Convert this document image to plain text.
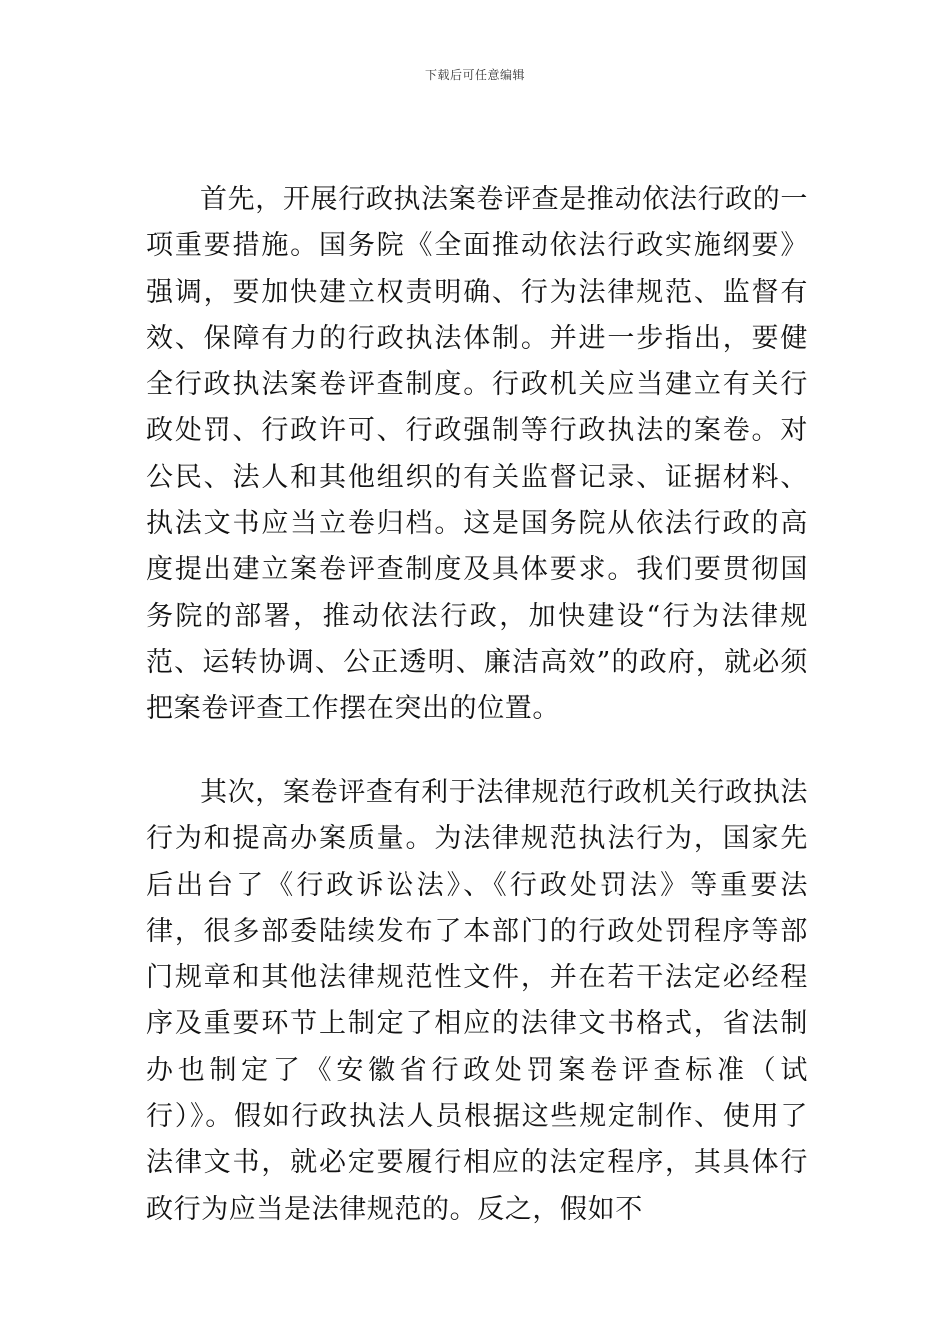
下载后可任意编辑

首先，开展行政执法案卷评查是推动依法行政的一项重要措施。国务院《全面推动依法行政实施纲要》强调，要加快建立权责明确、行为法律规范、监督有效、保障有力的行政执法体制。并进一步指出，要健全行政执法案卷评查制度。行政机关应当建立有关行政处罚、行政许可、行政强制等行政执法的案卷。对公民、法人和其他组织的有关监督记录、证据材料、执法文书应当立卷归档。这是国务院从依法行政的高度提出建立案卷评查制度及具体要求。我们要贯彻国务院的部署，推动依法行政，加快建设“行为法律规范、运转协调、公正透明、廉洁高效”的政府，就必须把案卷评查工作摆在突出的位置。

其次，案卷评查有利于法律规范行政机关行政执法行为和提高办案质量。为法律规范执法行为，国家先后出台了《行政诉讼法》、《行政处罚法》等重要法律，很多部委陆续发布了本部门的行政处罚程序等部门规章和其他法律规范性文件，并在若干法定必经程序及重要环节上制定了相应的法律文书格式，省法制办也制定了《安徽省行政处罚案卷评查标准（试行）》。假如行政执法人员根据这些规定制作、使用了法律文书，就必定要履行相应的法定程序，其具体行政行为应当是法律规范的。反之，假如不
